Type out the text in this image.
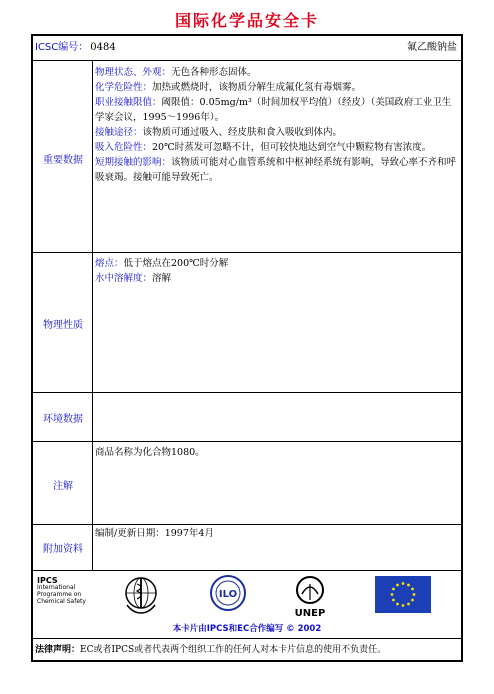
国际化学品安全卡
ICSC编号： 0484	氟乙酸钠盐
重要数据

物理状态、外观：无色各种形态固体。

化学危险性：加热或燃烧时，该物质分解生成氟化氢有毒烟雾。

职业接触限值：阈限值：0.05mg/m³（时间加权平均值）（经皮）（美国政府工业卫生学家会议，1995～1996年）。

接触途径：该物质可通过吸入、经皮肤和食入吸收到体内。

吸入危险性：20℃时蒸发可忽略不计，但可较快地达到空气中颗粒物有害浓度。

短期接触的影响：该物质可能对心血管系统和中枢神经系统有影响，导致心率不齐和呼吸衰竭。接触可能导致死亡。

物理性质

熔点：低于熔点在200℃时分解

水中溶解度：溶解

环境数据
注解
商品名称为化合物1080。
附加资料
编制/更新日期：1997年4月
IPCS
International
Programme on
Chemical Safety
ILO
UNEP
本卡片由IPCS和EC合作编写 © 2002
法律声明：EC或者IPCS或者代表两个组织工作的任何人对本卡片信息的使用不负责任。
